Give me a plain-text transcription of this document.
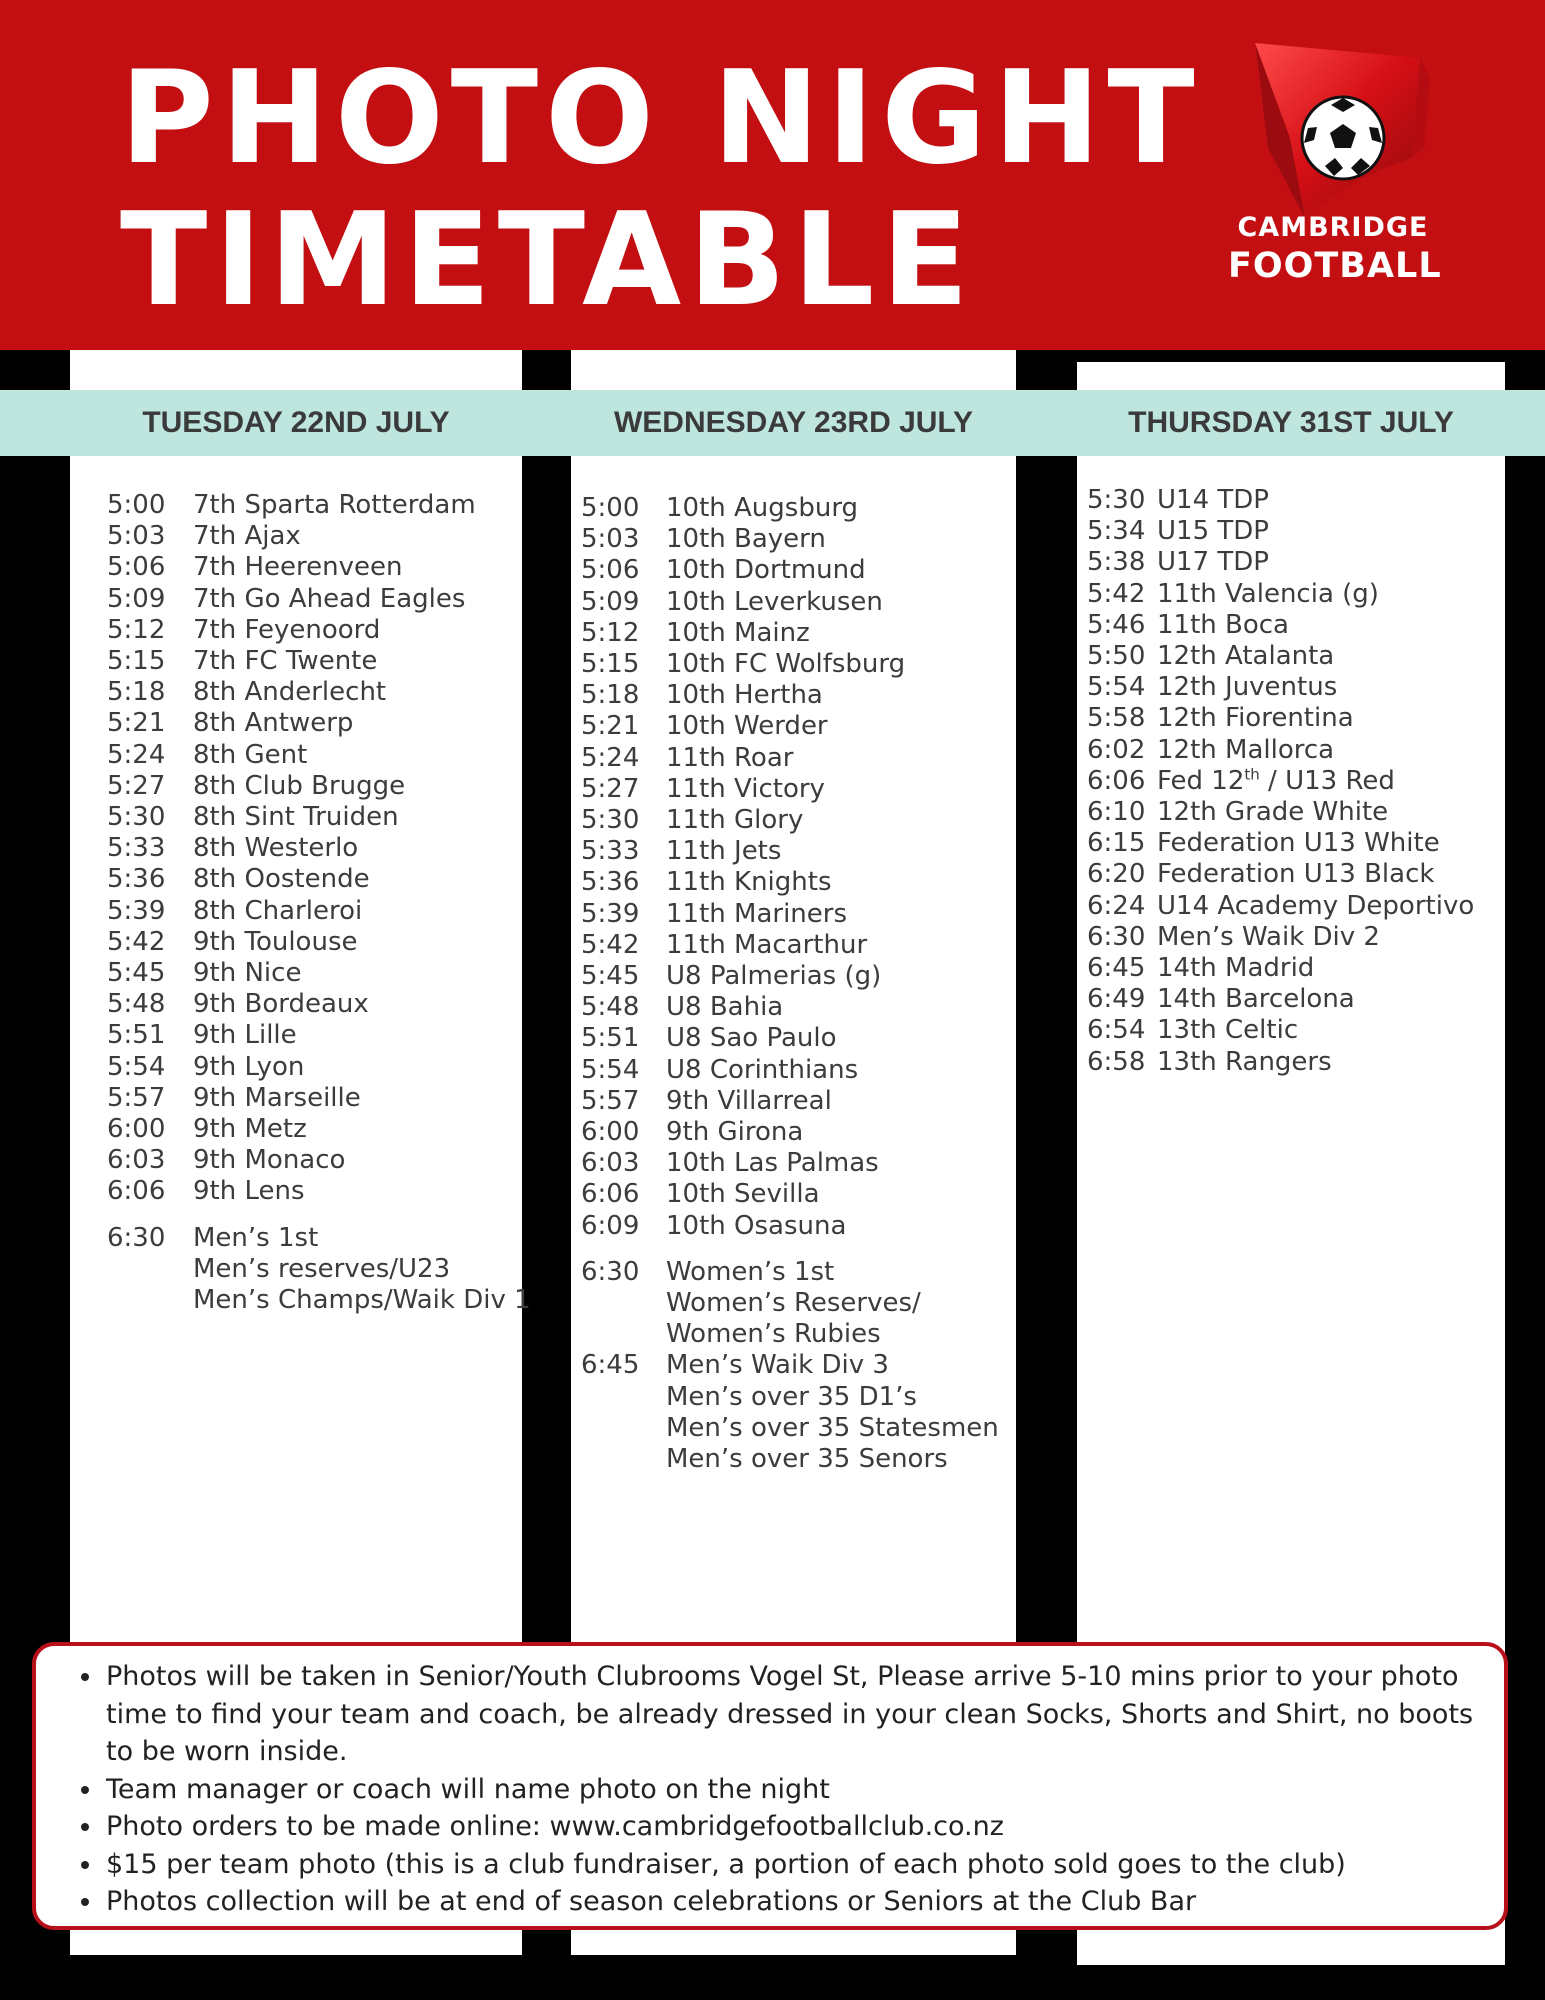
PHOTO NIGHT
TIMETABLE	CAMBRIDGE
FOOTBALL
TUESDAY 22ND JULY	WEDNESDAY 23RD JULY	THURSDAY 31ST JULY
5:00	7th Sparta Rotterdam
5:03	7th Ajax
5:06	7th Heerenveen
5:09	7th Go Ahead Eagles
5:12	7th Feyenoord
5:15	7th FC Twente
5:18	8th Anderlecht
5:21	8th Antwerp
5:24	8th Gent
5:27	8th Club Brugge
5:30	8th Sint Truiden
5:33	8th Westerlo
5:36	8th Oostende
5:39	8th Charleroi
5:42	9th Toulouse
5:45	9th Nice
5:48	9th Bordeaux
5:51	9th Lille
5:54	9th Lyon
5:57	9th Marseille
6:00	9th Metz
6:03	9th Monaco
6:06	9th Lens
6:30	Men’s 1st
Men’s reserves/U23
Men’s Champs/Waik Div 1
5:00	10th Augsburg
5:03	10th Bayern
5:06	10th Dortmund
5:09	10th Leverkusen
5:12	10th Mainz
5:15	10th FC Wolfsburg
5:18	10th Hertha
5:21	10th Werder
5:24	11th Roar
5:27	11th Victory
5:30	11th Glory
5:33	11th Jets
5:36	11th Knights
5:39	11th Mariners
5:42	11th Macarthur
5:45	U8 Palmerias (g)
5:48	U8 Bahia
5:51	U8 Sao Paulo
5:54	U8 Corinthians
5:57	9th Villarreal
6:00	9th Girona
6:03	10th Las Palmas
6:06	10th Sevilla
6:09	10th Osasuna
6:30	Women’s 1st
Women’s Reserves/
Women’s Rubies
6:45	Men’s Waik Div 3
Men’s over 35 D1’s
Men’s over 35 Statesmen
Men’s over 35 Senors
5:30 U14 TDP
5:34 U15 TDP
5:38 U17 TDP
5:42 11th Valencia (g)
5:46 11th Boca
5:50 12th Atalanta
5:54 12th Juventus
5:58 12th Fiorentina
6:02 12th Mallorca
6:06 Fed 12th / U13 Red
6:10 12th Grade White
6:15 Federation U13 White
6:20 Federation U13 Black
6:24 U14 Academy Deportivo
6:30 Men’s Waik Div 2
6:45 14th Madrid
6:49 14th Barcelona
6:54 13th Celtic
6:58 13th Rangers
• Photos will be taken in Senior/Youth Clubrooms Vogel St, Please arrive 5-10 mins prior to your photo time to find your team and coach, be already dressed in your clean Socks, Shorts and Shirt, no boots to be worn inside.
• Team manager or coach will name photo on the night
• Photo orders to be made online: www.cambridgefootballclub.co.nz
• $15 per team photo (this is a club fundraiser, a portion of each photo sold goes to the club)
• Photos collection will be at end of season celebrations or Seniors at the Club Bar
